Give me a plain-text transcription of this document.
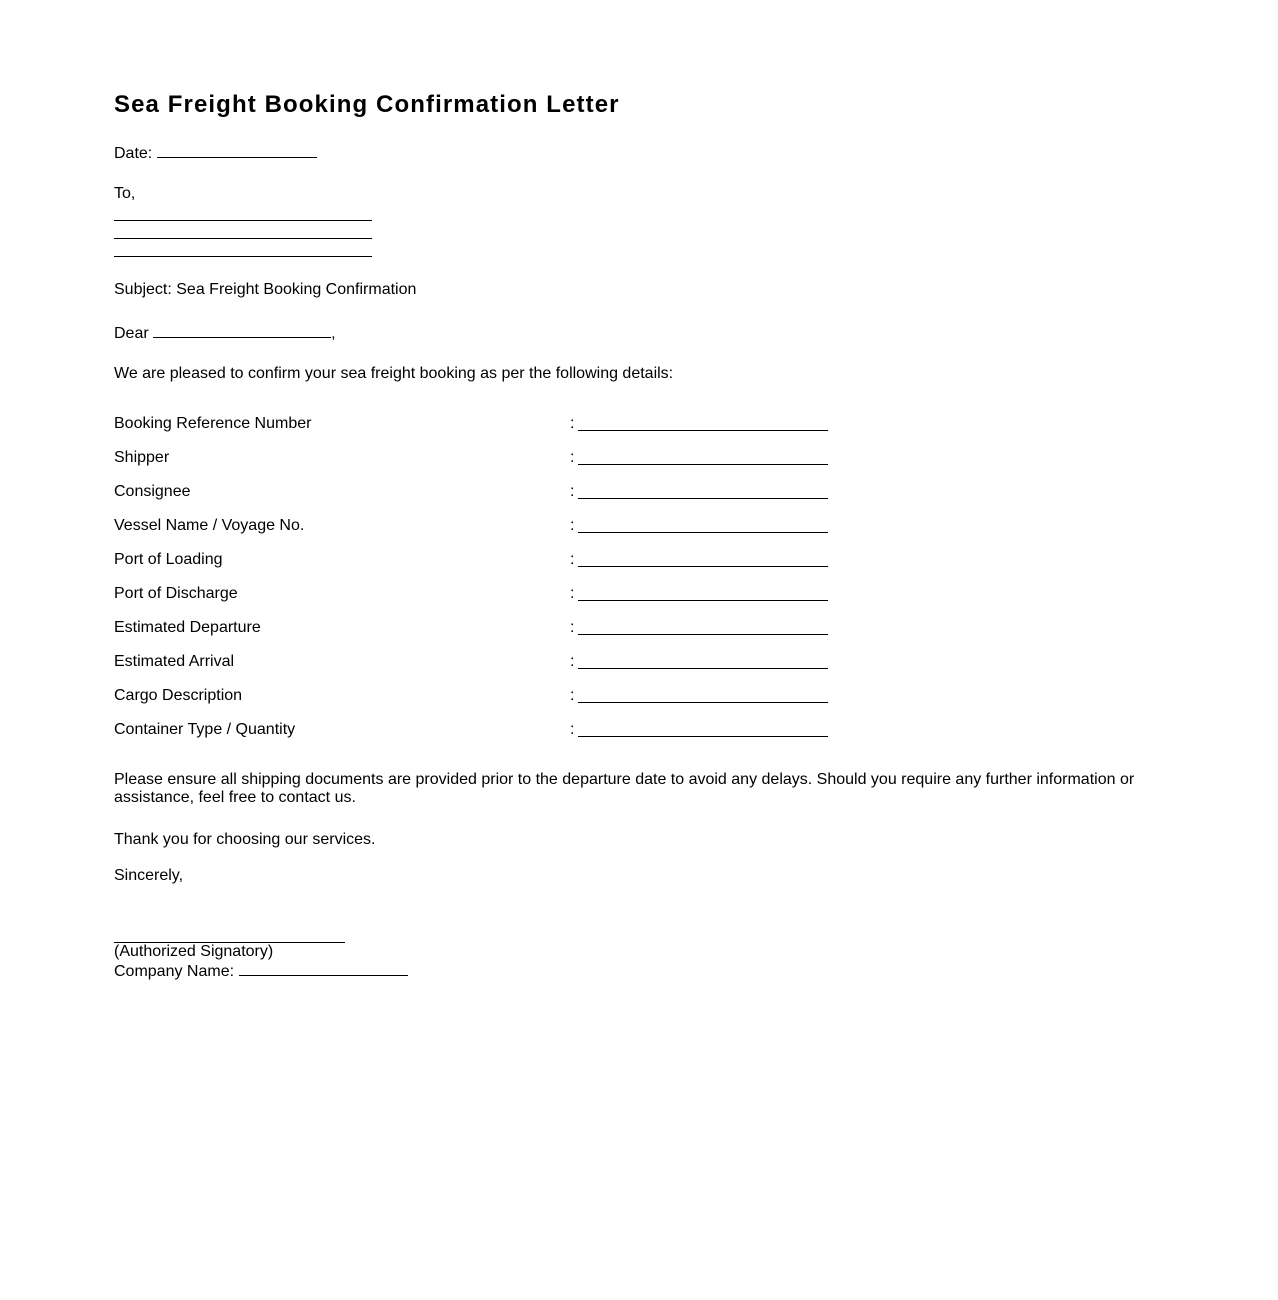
Sea Freight Booking Confirmation Letter
Date:
To,
Subject: Sea Freight Booking Confirmation
Dear	,
We are pleased to confirm your sea freight booking as per the following details:
Booking Reference Number	:
Shipper	:
Consignee	:
Vessel Name / Voyage No.	:
Port of Loading	:
Port of Discharge	:
Estimated Departure	:
Estimated Arrival	:
Cargo Description	:
Container Type / Quantity	:
Please ensure all shipping documents are provided prior to the departure date to avoid any delays. Should you require any further information or assistance, feel free to contact us.
Thank you for choosing our services.
Sincerely,
(Authorized Signatory)
Company Name:
